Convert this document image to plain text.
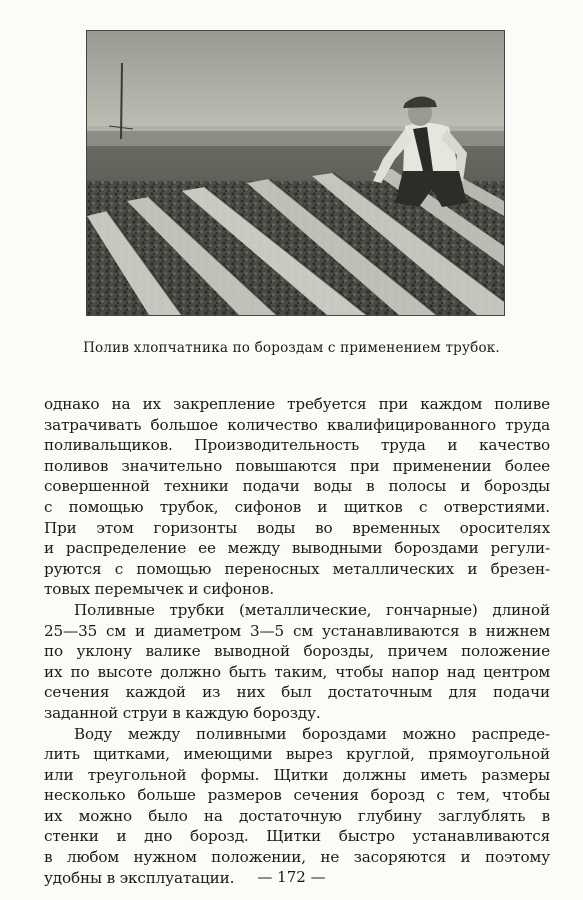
Полив хлопчатника по бороздам с применением трубок.

однако на их закрепление требуется при каждом поливе
затрачивать большое количество квалифицированного труда
поливальщиков. Производительность труда и качество
поливов значительно повышаются при применении более
совершенной техники подачи воды в полосы и борозды
с помощью трубок, сифонов и щитков с отверстиями.
При этом горизонты воды во временных оросителях
и распределение ее между выводными бороздами регули-
руются с помощью переносных металлических и брезен-
товых перемычек и сифонов.

Поливные трубки (металлические, гончарные) длиной
25—35 см и диаметром 3—5 см устанавливаются в нижнем
по уклону валике выводной борозды, причем положение
их по высоте должно быть таким, чтобы напор над центром
сечения каждой из них был достаточным для подачи
заданной струи в каждую борозду.

Воду между поливными бороздами можно распреде-
лить щитками, имеющими вырез круглой, прямоугольной
или треугольной формы. Щитки должны иметь размеры
несколько больше размеров сечения борозд с тем, чтобы
их можно было на достаточную глубину заглублять в
стенки и дно борозд. Щитки быстро устанавливаются
в любом нужном положении, не засоряются и поэтому
удобны в эксплуатации.	— 172 —
